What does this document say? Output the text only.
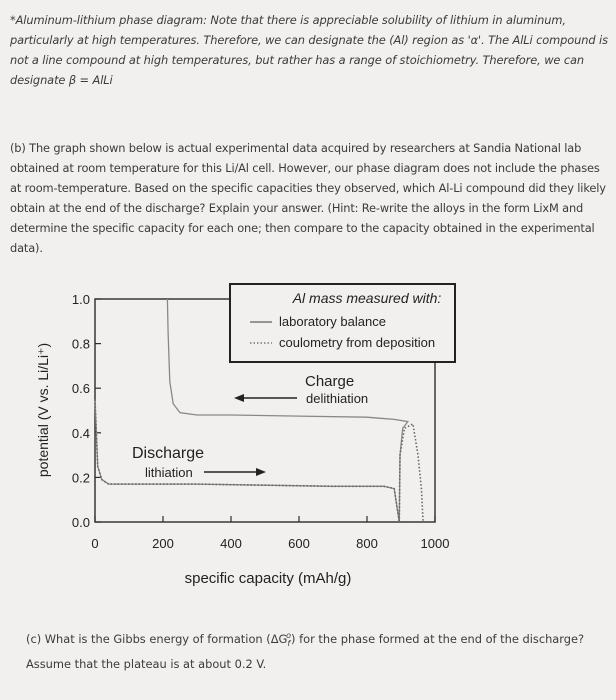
*Aluminum-lithium phase diagram: Note that there is appreciable solubility of lithium in aluminum, particularly at high temperatures. Therefore, we can designate the (Al) region as 'α'. The AlLi compound is not a line compound at high temperatures, but rather has a range of stoichiometry. Therefore, we can designate β = AlLi
(b) The graph shown below is actual experimental data acquired by researchers at Sandia National lab obtained at room temperature for this Li/Al cell. However, our phase diagram does not include the phases at room-temperature. Based on the specific capacities they observed, which Al-Li compound did they likely obtain at the end of the discharge? Explain your answer. (Hint: Re-write the alloys in the form LixM and determine the specific capacity for each one; then compare to the capacity obtained in the experimental data).
0.0
0.2
0.4
0.6
0.8
1.0
0	200	400	600	800	1000
Al mass measured with:
laboratory balance
coulometry from deposition
Charge
delithiation
Discharge
lithiation
specific capacity (mAh/g)
potential (V vs. Li/Li⁺)
(c) What is the Gibbs energy of formation $(\Delta G_f^o)$ for the phase formed at the end of the discharge?
Assume that the plateau is at about 0.2 V.
